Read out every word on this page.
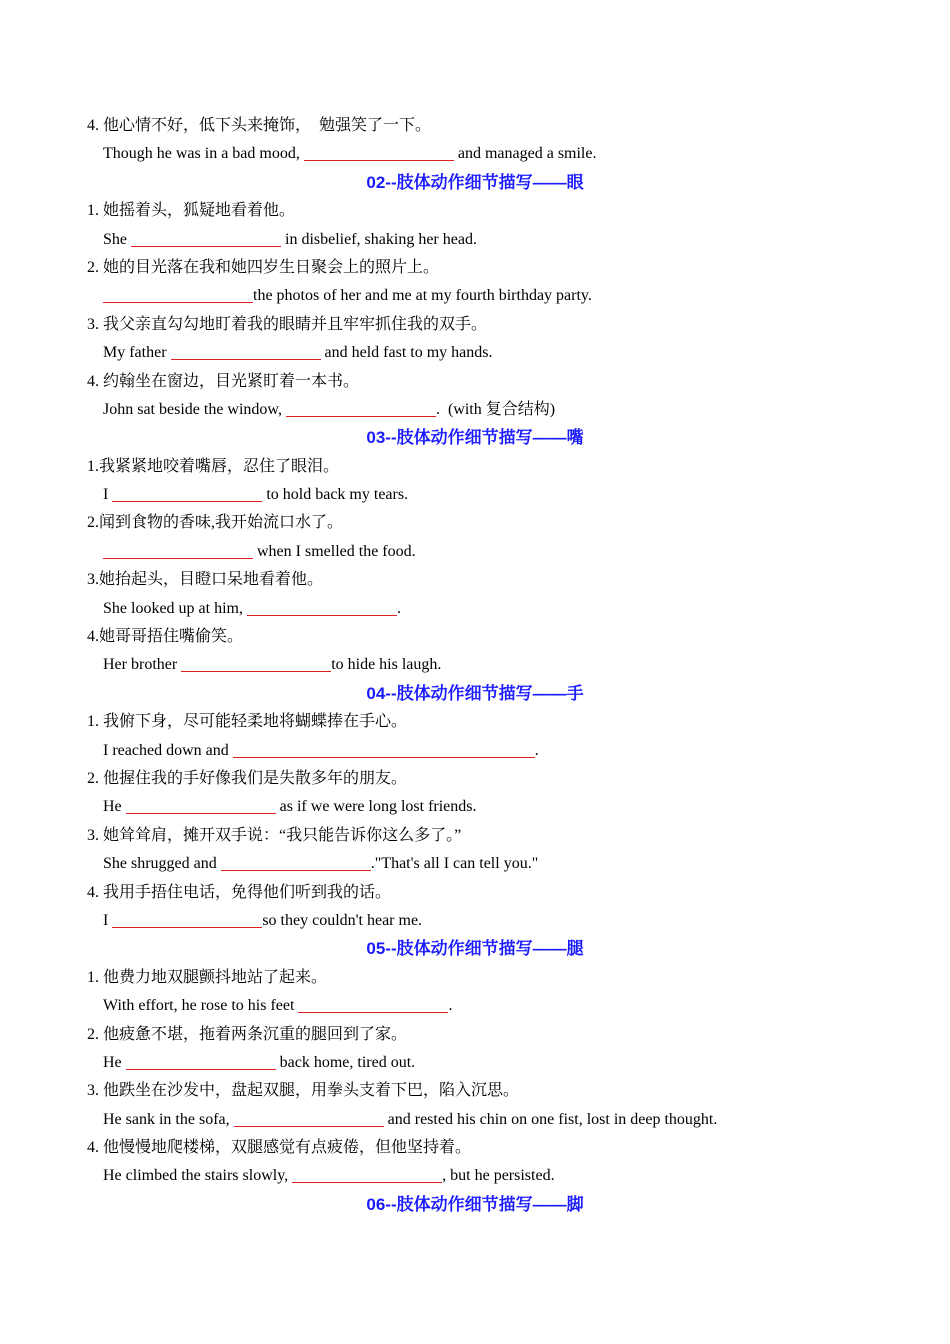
4. 他心情不好，低下头来掩饰，  勉强笑了一下。
Though he was in a bad mood,	and managed a smile.
02--肢体动作细节描写——眼
1. 她摇着头，狐疑地看着他。
She	in disbelief, shaking her head.
2. 她的目光落在我和她四岁生日聚会上的照片上。
the photos of her and me at my fourth birthday party.
3. 我父亲直勾勾地盯着我的眼睛并且牢牢抓住我的双手。
My father	and held fast to my hands.
4. 约翰坐在窗边，目光紧盯着一本书。
John sat beside the window,	.  (with 复合结构)
03--肢体动作细节描写——嘴
1.我紧紧地咬着嘴唇，忍住了眼泪。
I	to hold back my tears.
2.闻到食物的香味,我开始流口水了。
when I smelled the food.
3.她抬起头，目瞪口呆地看着他。
She looked up at him,	.
4.她哥哥捂住嘴偷笑。
Her brother	to hide his laugh.
04--肢体动作细节描写——手
1. 我俯下身，尽可能轻柔地将蝴蝶捧在手心。
I reached down and	.
2. 他握住我的手好像我们是失散多年的朋友。
He	as if we were long lost friends.
3. 她耸耸肩，摊开双手说：“我只能告诉你这么多了。”
She shrugged and	."That's all I can tell you."
4. 我用手捂住电话，免得他们听到我的话。
I	so they couldn't hear me.
05--肢体动作细节描写——腿
1. 他费力地双腿颤抖地站了起来。
With effort, he rose to his feet	.
2. 他疲惫不堪，拖着两条沉重的腿回到了家。
He	back home, tired out.
3. 他跌坐在沙发中，盘起双腿，用拳头支着下巴，陷入沉思。
He sank in the sofa,	and rested his chin on one fist, lost in deep thought.
4. 他慢慢地爬楼梯，双腿感觉有点疲倦，但他坚持着。
He climbed the stairs slowly,	, but he persisted.
06--肢体动作细节描写——脚
